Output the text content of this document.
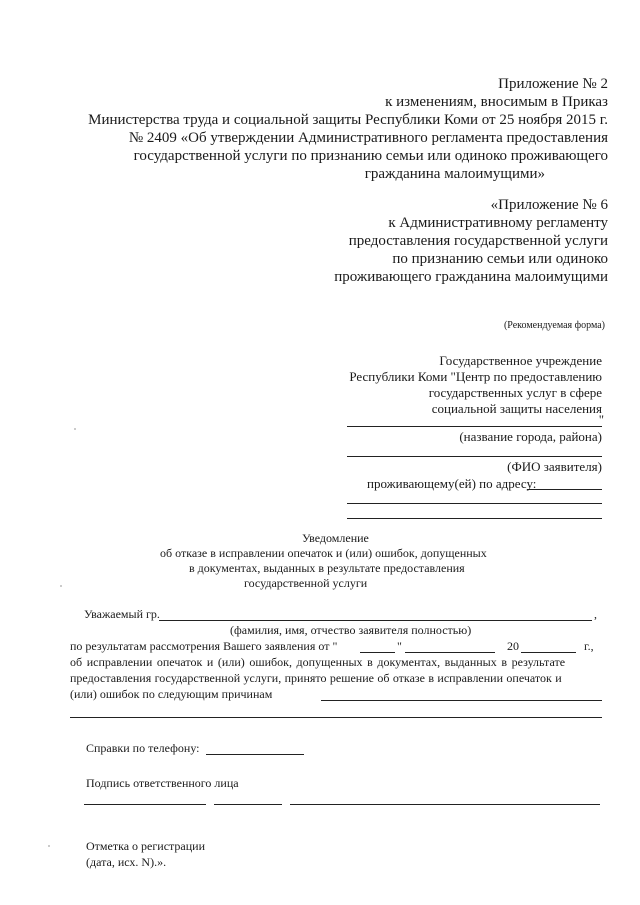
Приложение № 2
к изменениям, вносимым в Приказ
Министерства труда и социальной защиты Республики Коми от 25 ноября 2015 г.
№ 2409 «Об утверждении Административного регламента предоставления
государственной услуги по признанию семьи или одиноко проживающего
гражданина малоимущими»
«Приложение № 6
к Административному регламенту
предоставления государственной услуги
по признанию семьи или одиноко
проживающего гражданина малоимущими
(Рекомендуемая форма)
Государственное учреждение
Республики Коми "Центр по предоставлению
государственных услуг в сфере
социальной защиты населения
"
(название города, района)
(ФИО заявителя)
проживающему(ей) по адресу:
Уведомление
об отказе в исправлении опечаток и (или) ошибок, допущенных
в документах, выданных в результате предоставления
государственной услуги
Уважаемый гр.	,
(фамилия, имя, отчество заявителя полностью)
по результатам рассмотрения Вашего заявления от "	"	20	г.,
об исправлении опечаток и (или) ошибок, допущенных в документах, выданных в результате
предоставления государственной услуги, принято решение об отказе в исправлении опечаток и
(или) ошибок по следующим причинам
Справки по телефону:
Подпись ответственного лица
Отметка о регистрации
(дата, исх. N).».
